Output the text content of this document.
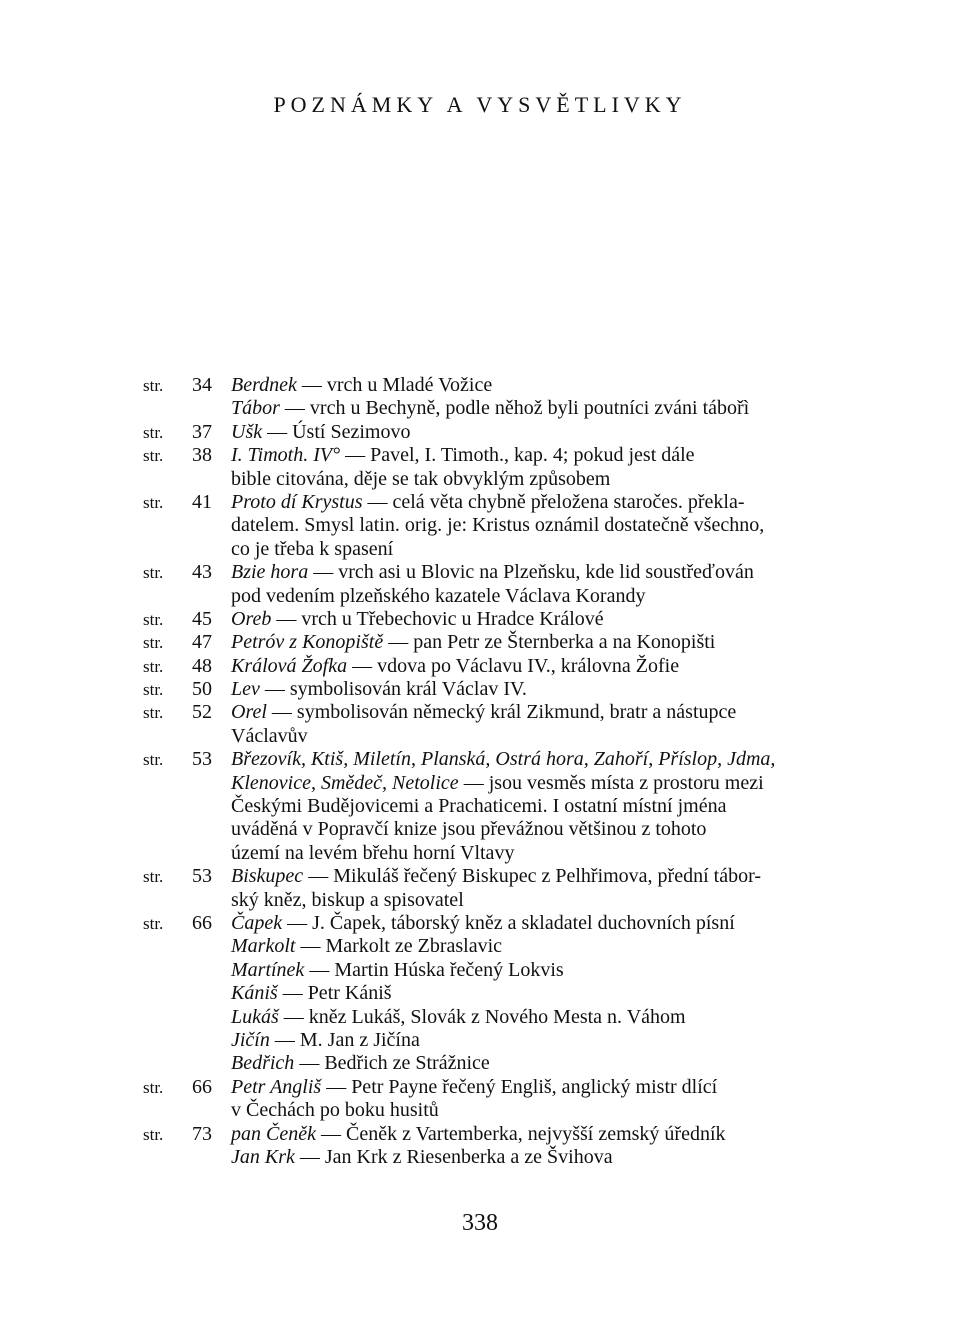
POZNÁMKY A VYSVĚTLIVKY
str. 34 Berdnek — vrch u Mladé Vožice
Tábor — vrch u Bechyně, podle něhož byli poutníci zváni tábořì
str. 37 Ušk — Ústí Sezimovo
str. 38 I. Timoth. IV° — Pavel, I. Timoth., kap. 4; pokud jest dále
bible citována, děje se tak obvyklým způsobem
str. 41 Proto dí Krystus — celá věta chybně přeložena staročes. překla-
datelem. Smysl latin. orig. je: Kristus oznámil dostatečně všechno,
co je třeba k spasení
str. 43 Bzie hora — vrch asi u Blovic na Plzeňsku, kde lid soustřeďován
pod vedením plzeňského kazatele Václava Korandy
str. 45 Oreb — vrch u Třebechovic u Hradce Králové
str. 47 Petróv z Konopiště — pan Petr ze Šternberka a na Konopišti
str. 48 Králová Žofka — vdova po Václavu IV., královna Žofie
str. 50 Lev — symbolisován král Václav IV.
str. 52 Orel — symbolisován německý král Zikmund, bratr a nástupce
Václavův
str. 53 Březovík, Ktiš, Miletín, Planská, Ostrá hora, Zahoří, Příslop, Jdma,
Klenovice, Smědeč, Netolice — jsou vesměs místa z prostoru mezi
Českými Budějovicemi a Prachaticemi. I ostatní místní jména
uváděná v Popravčí knize jsou převážnou většinou z tohoto
území na levém břehu horní Vltavy
str. 53 Biskupec — Mikuláš řečený Biskupec z Pelhřimova, přední tábor-
ský kněz, biskup a spisovatel
str. 66 Čapek — J. Čapek, táborský kněz a skladatel duchovních písní
Markolt — Markolt ze Zbraslavic
Martínek — Martin Húska řečený Lokvis
Kániš — Petr Kániš
Lukáš — kněz Lukáš, Slovák z Nového Mesta n. Váhom
Jičín — M. Jan z Jičína
Bedřich — Bedřich ze Strážnice
str. 66 Petr Angliš — Petr Payne řečený Engliš, anglický mistr dlící
v Čechách po boku husitů
str. 73 pan Čeněk — Čeněk z Vartemberka, nejvyšší zemský úředník
Jan Krk — Jan Krk z Riesenberka a ze Švihova
338
